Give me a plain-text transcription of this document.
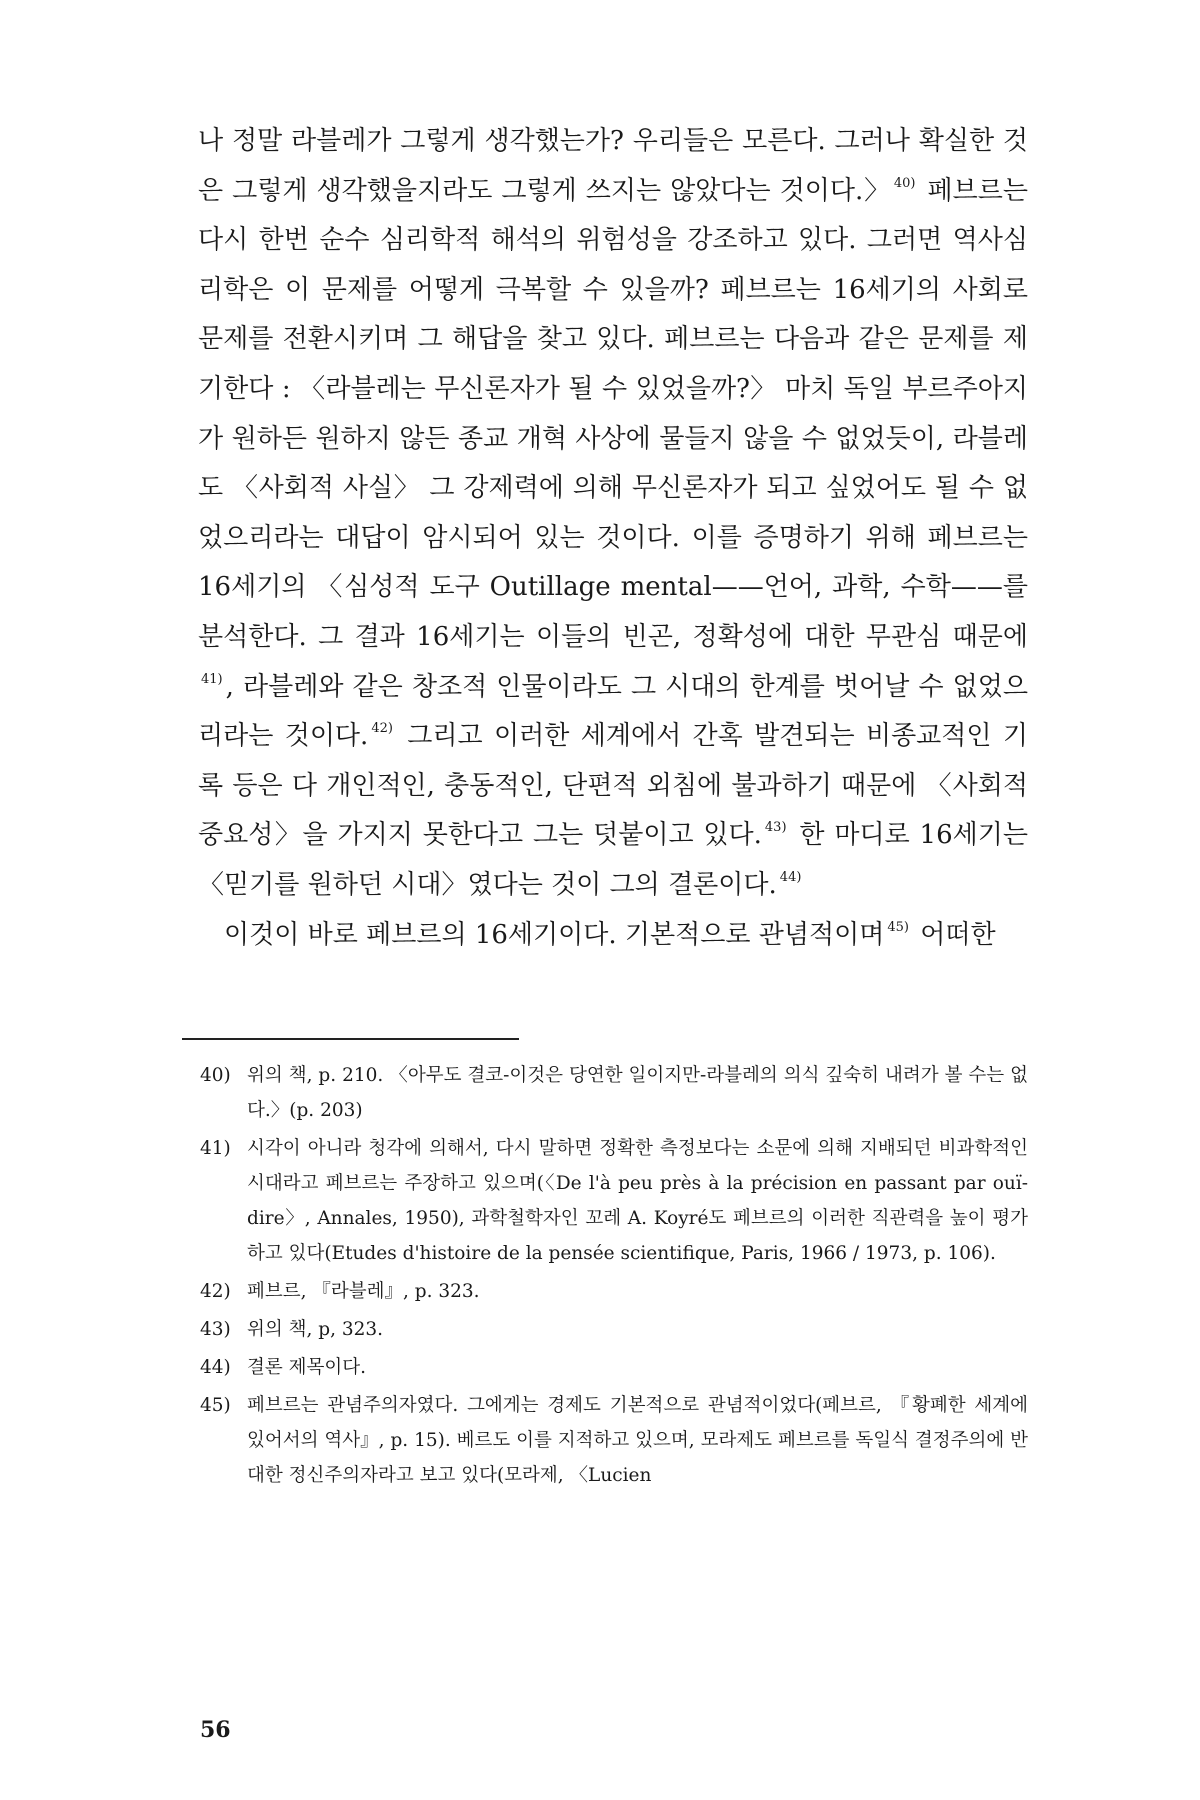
나 정말 라블레가 그렇게 생각했는가? 우리들은 모른다. 그러나 확실한 것은 그렇게 생각했을지라도 그렇게 쓰지는 않았다는 것이다.〉 $^{40)}$ 페브르는 다시 한번 순수 심리학적 해석의 위험성을 강조하고 있다. 그러면 역사심리학은 이 문제를 어떻게 극복할 수 있을까? 페브르는 16세기의 사회로 문제를 전환시키며 그 해답을 찾고 있다. 페브르는 다음과 같은 문제를 제기한다 : 〈라블레는 무신론자가 될 수 있었을까?〉 마치 독일 부르주아지가 원하든 원하지 않든 종교 개혁 사상에 물들지 않을 수 없었듯이, 라블레도 〈사회적 사실〉 그 강제력에 의해 무신론자가 되고 싶었어도 될 수 없었으리라는 대답이 암시되어 있는 것이다. 이를 증명하기 위해 페브르는 16세기의 〈심성적 도구 Outillage mental——언어, 과학, 수학——를 분석한다. 그 결과 16세기는 이들의 빈곤, 정확성에 대한 무관심 때문에$^{41)}$ , 라블레와 같은 창조적 인물이라도 그 시대의 한계를 벗어날 수 없었으리라는 것이다. $^{42)}$ 그리고 이러한 세계에서 간혹 발견되는 비종교적인 기록 등은 다 개인적인, 충동적인, 단편적 외침에 불과하기 때문에 〈사회적 중요성〉을 가지지 못한다고 그는 덧붙이고 있다. $^{43)}$ 한 마디로 16세기는 〈믿기를 원하던 시대〉였다는 것이 그의 결론이다. $^{44)}$

이것이 바로 페브르의 16세기이다. 기본적으로 관념적이며 $^{45)}$ 어떠한

40) 위의 책, p. 210. 〈아무도 결코-이것은 당연한 일이지만-라블레의 의식 깊숙히 내려가 볼 수는 없다.〉(p. 203)
41) 시각이 아니라 청각에 의해서, 다시 말하면 정확한 측정보다는 소문에 의해 지배되던 비과학적인 시대라고 페브르는 주장하고 있으며(〈De l'à peu près à la précision en passant par ouï-dire〉, Annales, 1950), 과학철학자인 꼬레 A. Koyré도 페브르의 이러한 직관력을 높이 평가하고 있다(Etudes d'histoire de la pensée scientifique, Paris, 1966 / 1973, p. 106).
42) 페브르, 『라블레』, p. 323.
43) 위의 책, p, 323.
44) 결론 제목이다.
45) 페브르는 관념주의자였다. 그에게는 경제도 기본적으로 관념적이었다(페브르, 『황폐한 세계에 있어서의 역사』, p. 15). 베르도 이를 지적하고 있으며, 모라제도 페브르를 독일식 결정주의에 반대한 정신주의자라고 보고 있다(모라제, 〈Lucien
56
